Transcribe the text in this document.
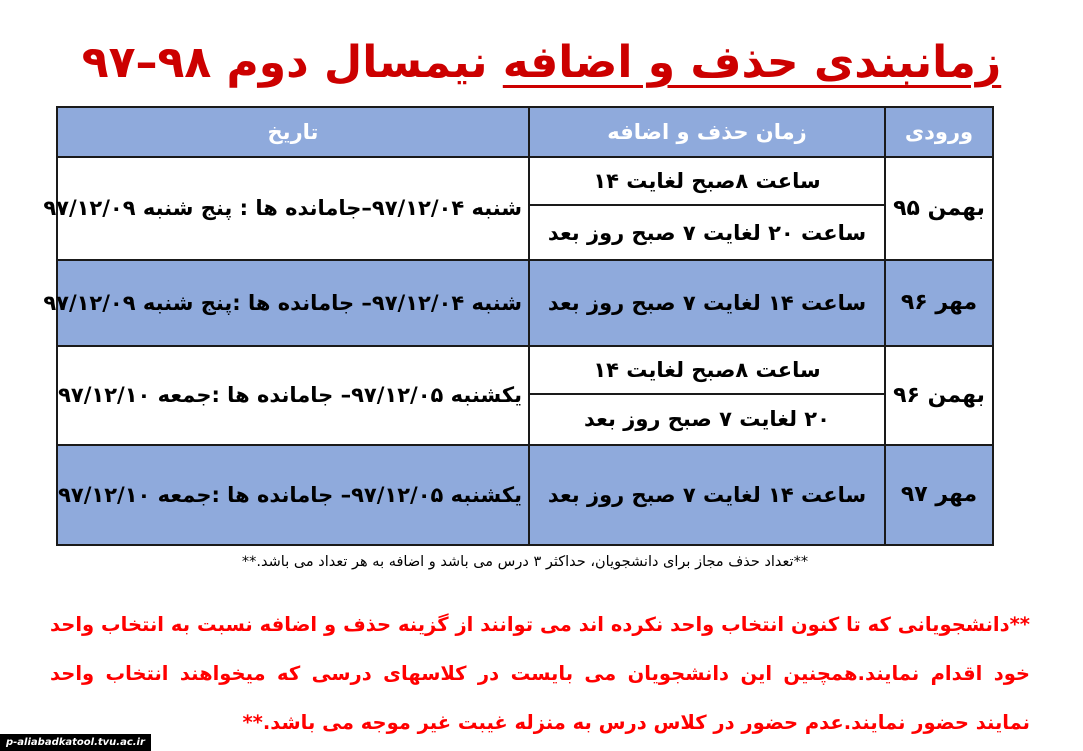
زمانبندی حذف و اضافه نیمسال دوم ۹۸–۹۷
ورودی	زمان حذف و اضافه	تاریخ
بهمن ۹۵	ساعت ۸صبح لغایت ۱۴	شنبه ۹۷/۱۲/۰۴–جامانده ها : پنج شنبه ۹۷/۱۲/۰۹
	ساعت ۲۰ لغایت ۷ صبح روز بعد	
مهر ۹۶	ساعت ۱۴ لغایت ۷ صبح روز بعد	شنبه ۹۷/۱۲/۰۴– جامانده ها :پنج شنبه ۹۷/۱۲/۰۹
بهمن ۹۶	ساعت ۸صبح لغایت ۱۴	یکشنبه ۹۷/۱۲/۰۵– جامانده ها :جمعه ۹۷/۱۲/۱۰
	۲۰ لغایت ۷ صبح روز بعد	
مهر ۹۷	ساعت ۱۴ لغایت ۷ صبح روز بعد	یکشنبه ۹۷/۱۲/۰۵– جامانده ها :جمعه ۹۷/۱۲/۱۰
**تعداد حذف مجاز برای دانشجویان، حداکثر ۳ درس می باشد و اضافه به هر تعداد می باشد.**
**دانشجویانی که تا کنون انتخاب واحد نکرده اند می توانند از گزینه حذف و اضافه نسبت به انتخاب واحد خود اقدام نمایند.همچنین این دانشجویان می بایست در کلاسهای درسی که میخواهند انتخاب واحد نمایند حضور نمایند.عدم حضور در کلاس درس به منزله غیبت غیر موجه می باشد.**
p-aliabadkatool.tvu.ac.ir
